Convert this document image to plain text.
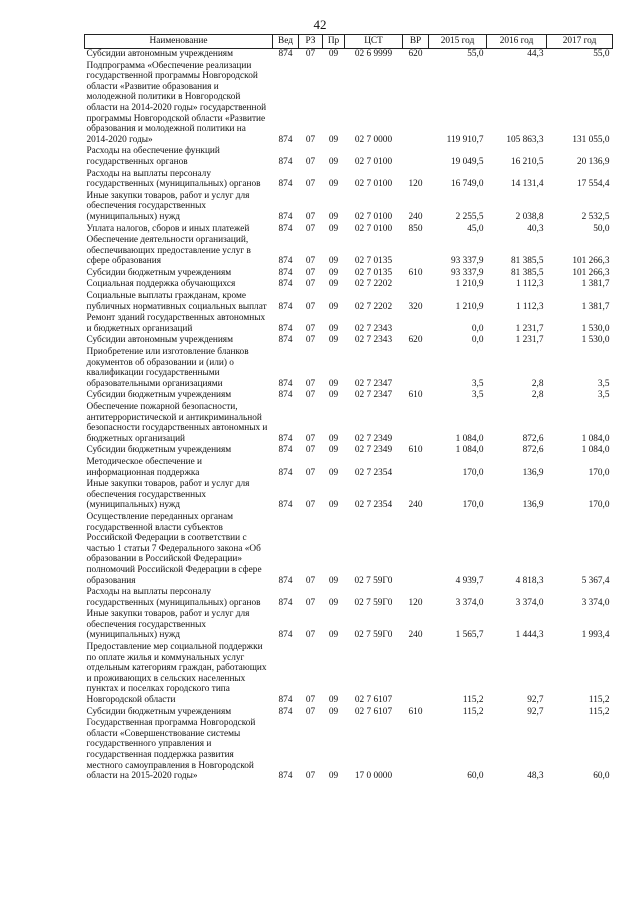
42
Наименование	Вед	РЗ	Пр	ЦСТ	ВР	2015 год	2016 год	2017 год
Субсидии автономным учреждениям	874	07	09	02 6 9999	620	55,0	44,3	55,0
Подпрограмма «Обеспечение реализации государственной программы Новгородской области «Развитие образования и молодежной политики в Новгородской области на 2014-2020 годы» государственной программы Новгородской области «Развитие образования и молодежной политики на 2014-2020 годы»	874	07	09	02 7 0000		119 910,7	105 863,3	131 055,0
Расходы на обеспечение функций государственных органов	874	07	09	02 7 0100		19 049,5	16 210,5	20 136,9
Расходы на выплаты персоналу государственных (муниципальных) органов	874	07	09	02 7 0100	120	16 749,0	14 131,4	17 554,4
Иные закупки товаров, работ и услуг для обеспечения государственных (муниципальных) нужд	874	07	09	02 7 0100	240	2 255,5	2 038,8	2 532,5
Уплата налогов, сборов и иных платежей	874	07	09	02 7 0100	850	45,0	40,3	50,0
Обеспечение деятельности организаций, обеспечивающих предоставление услуг в сфере образования	874	07	09	02 7 0135		93 337,9	81 385,5	101 266,3
Субсидии бюджетным учреждениям	874	07	09	02 7 0135	610	93 337,9	81 385,5	101 266,3
Социальная поддержка обучающихся	874	07	09	02 7 2202		1 210,9	1 112,3	1 381,7
Социальные выплаты гражданам, кроме публичных нормативных социальных выплат	874	07	09	02 7 2202	320	1 210,9	1 112,3	1 381,7
Ремонт зданий государственных автономных и бюджетных организаций	874	07	09	02 7 2343		0,0	1 231,7	1 530,0
Субсидии автономным учреждениям	874	07	09	02 7 2343	620	0,0	1 231,7	1 530,0
Приобретение или изготовление бланков документов об образовании и (или) о квалификации государственными образовательными организациями	874	07	09	02 7 2347		3,5	2,8	3,5
Субсидии бюджетным учреждениям	874	07	09	02 7 2347	610	3,5	2,8	3,5
Обеспечение пожарной безопасности, антитеррористической и антикриминальной безопасности государственных автономных и бюджетных организаций	874	07	09	02 7 2349		1 084,0	872,6	1 084,0
Субсидии бюджетным учреждениям	874	07	09	02 7 2349	610	1 084,0	872,6	1 084,0
Методическое обеспечение и информационная поддержка	874	07	09	02 7 2354		170,0	136,9	170,0
Иные закупки товаров, работ и услуг для обеспечения государственных (муниципальных) нужд	874	07	09	02 7 2354	240	170,0	136,9	170,0
Осуществление переданных органам государственной власти субъектов Российской Федерации в соответствии с частью 1 статьи 7 Федерального закона «Об образовании в Российской Федерации» полномочий Российской Федерации в сфере образования	874	07	09	02 7 59Г0		4 939,7	4 818,3	5 367,4
Расходы на выплаты персоналу государственных (муниципальных) органов	874	07	09	02 7 59Г0	120	3 374,0	3 374,0	3 374,0
Иные закупки товаров, работ и услуг для обеспечения государственных (муниципальных) нужд	874	07	09	02 7 59Г0	240	1 565,7	1 444,3	1 993,4
Предоставление мер социальной поддержки по оплате жилья и коммунальных услуг отдельным категориям граждан, работающих и проживающих в сельских населенных пунктах и поселках городского типа Новгородской области	874	07	09	02 7 6107		115,2	92,7	115,2
Субсидии бюджетным учреждениям	874	07	09	02 7 6107	610	115,2	92,7	115,2
Государственная программа Новгородской области «Совершенствование системы государственного управления и государственная поддержка развития местного самоуправления в Новгородской области на 2015-2020 годы»	874	07	09	17 0 0000		60,0	48,3	60,0
